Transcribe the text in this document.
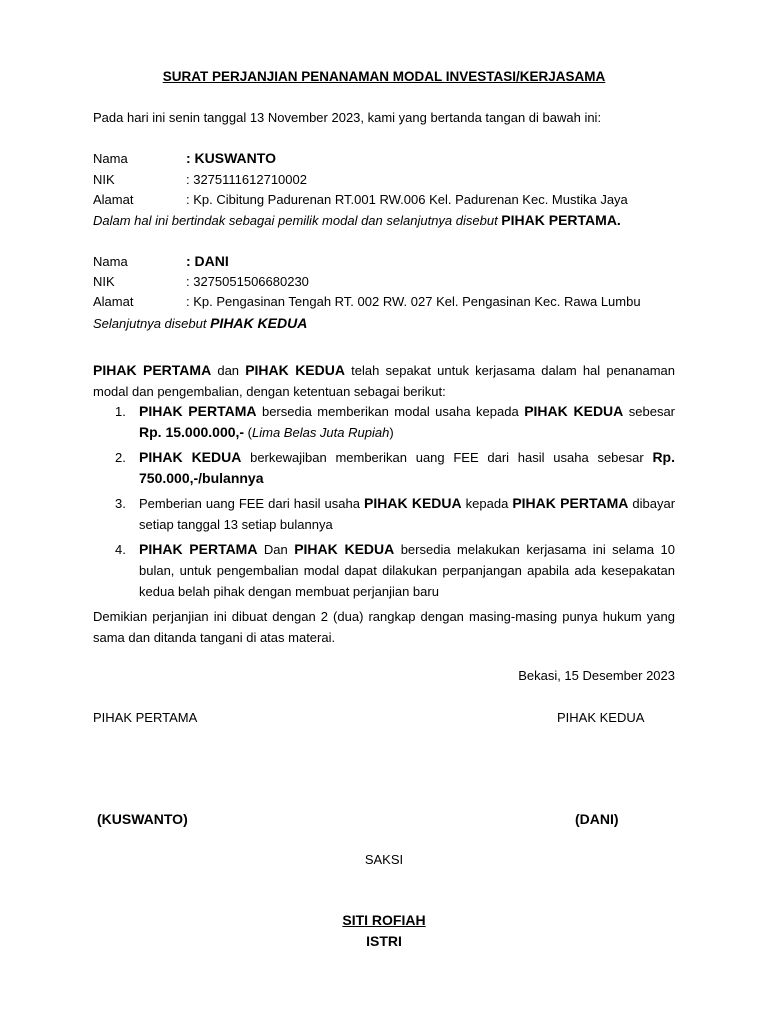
SURAT PERJANJIAN PENANAMAN MODAL INVESTASI/KERJASAMA
Pada hari ini senin tanggal 13 November 2023, kami yang bertanda tangan di bawah ini:
Nama	: KUSWANTO
NIK	: 3275111612710002
Alamat	: Kp. Cibitung Padurenan RT.001 RW.006 Kel. Padurenan Kec. Mustika Jaya
Dalam hal ini bertindak sebagai pemilik modal dan selanjutnya disebut PIHAK PERTAMA.
Nama	: DANI
NIK	: 3275051506680230
Alamat	: Kp. Pengasinan Tengah RT. 002 RW. 027 Kel. Pengasinan Kec. Rawa Lumbu
Selanjutnya disebut PIHAK KEDUA
PIHAK PERTAMA dan PIHAK KEDUA telah sepakat untuk kerjasama dalam hal penanaman modal dan pengembalian, dengan ketentuan sebagai berikut:
1. PIHAK PERTAMA bersedia memberikan modal usaha kepada PIHAK KEDUA sebesar Rp. 15.000.000,- (Lima Belas Juta Rupiah)
2. PIHAK KEDUA berkewajiban memberikan uang FEE dari hasil usaha sebesar Rp. 750.000,-/bulannya
3. Pemberian uang FEE dari hasil usaha PIHAK KEDUA kepada PIHAK PERTAMA dibayar setiap tanggal 13 setiap bulannya
4. PIHAK PERTAMA Dan PIHAK KEDUA bersedia melakukan kerjasama ini selama 10 bulan, untuk pengembalian modal dapat dilakukan perpanjangan apabila ada kesepakatan kedua belah pihak dengan membuat perjanjian baru
Demikian perjanjian ini dibuat dengan 2 (dua) rangkap dengan masing-masing punya hukum yang sama dan ditanda tangani di atas materai.
Bekasi, 15 Desember 2023
PIHAK PERTAMA	PIHAK KEDUA
(KUSWANTO)	(DANI)
SAKSI
SITI ROFIAH
ISTRI
